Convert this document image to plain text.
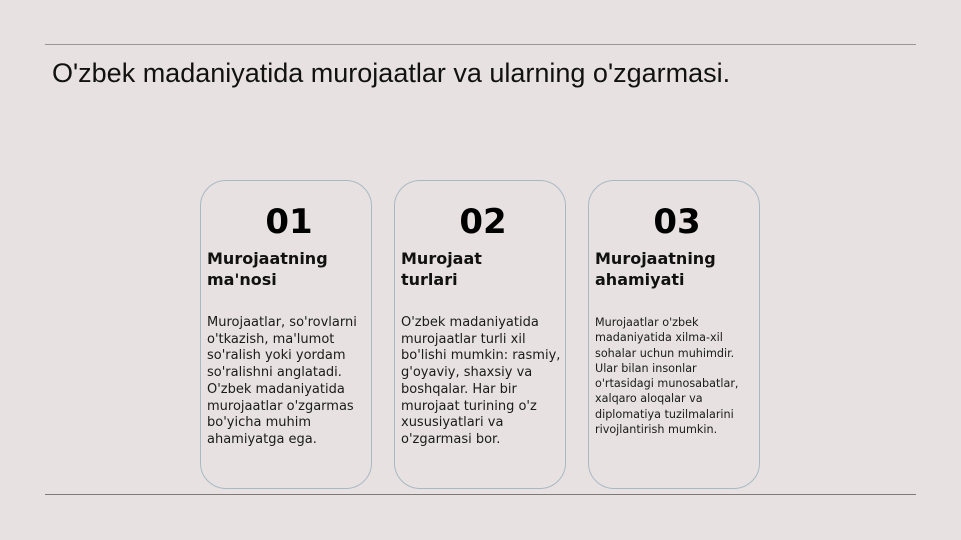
O'zbek madaniyatida murojaatlar va ularning o'zgarmasi.
01
Murojaatning
ma'nosi
Murojaatlar, so'rovlarni o'tkazish, ma'lumot so'ralish yoki yordam so'ralishni anglatadi. O'zbek madaniyatida murojaatlar o'zgarmas bo'yicha muhim ahamiyatga ega.
02
Murojaat
turlari
O'zbek madaniyatida murojaatlar turli xil bo'lishi mumkin: rasmiy, g'oyaviy, shaxsiy va boshqalar. Har bir murojaat turining o'z xususiyatlari va o'zgarmasi bor.
03
Murojaatning
ahamiyati
Murojaatlar o'zbek madaniyatida xilma-xil sohalar uchun muhimdir. Ular bilan insonlar o'rtasidagi munosabatlar, xalqaro aloqalar va diplomatiya tuzilmalarini rivojlantirish mumkin.
